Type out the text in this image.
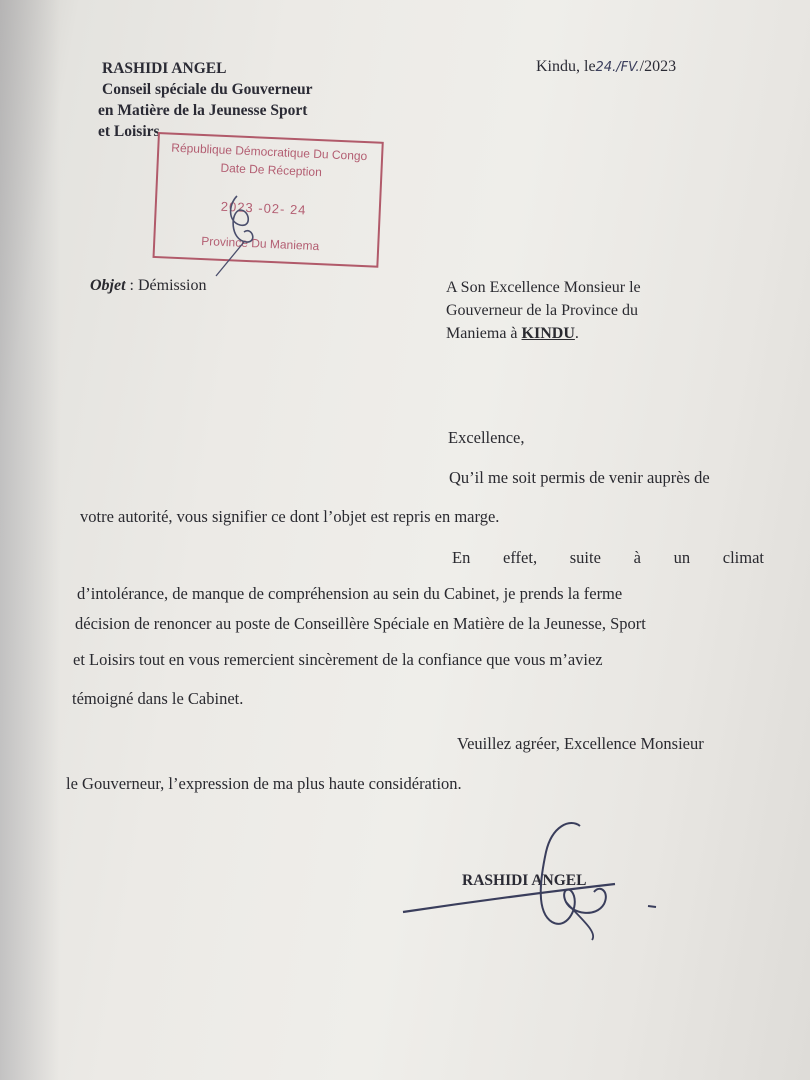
RASHIDI ANGEL
Conseil spéciale du Gouverneur
en Matière de la Jeunesse Sport
et Loisirs
Kindu, le24./FV./2023
République Démocratique Du Congo
Date De Réception
2023 -02- 24
Province Du Maniema
Objet : Démission	A Son Excellence Monsieur le
Gouverneur de la Province du
Maniema à KINDU.
Excellence,
Qu’il me soit permis de venir auprès de
votre autorité, vous signifier ce dont l’objet est repris en marge.
En effet, suite à un climat
d’intolérance, de manque de compréhension au sein du Cabinet, je prends la ferme
décision de renoncer au poste de Conseillère Spéciale en Matière de la Jeunesse, Sport
et Loisirs tout en vous remercient sincèrement de la confiance que vous m’aviez
témoigné dans le Cabinet.
Veuillez agréer, Excellence Monsieur
le Gouverneur, l’expression de ma plus haute considération.
RASHIDI ANGEL
